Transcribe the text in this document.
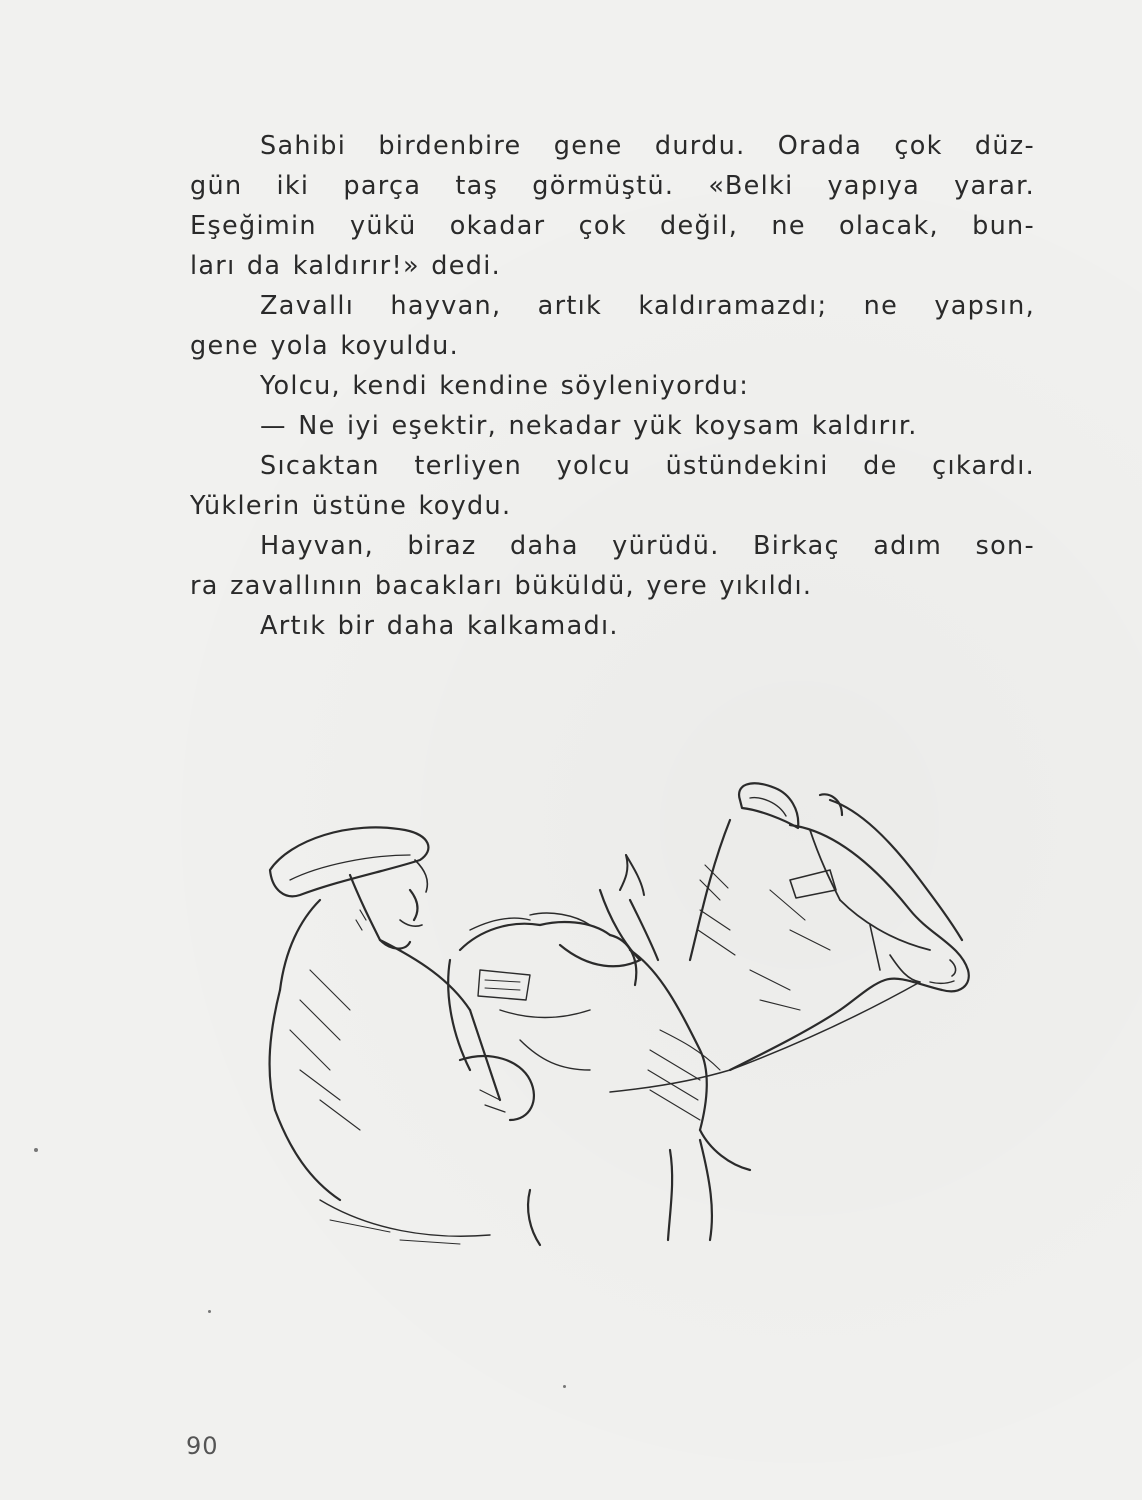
Sahibi birdenbire gene durdu. Orada çok düz-
gün iki parça taş görmüştü. «Belki yapıya yarar.
Eşeğimin yükü okadar çok değil, ne olacak, bun-
ları da kaldırır!» dedi.
Zavallı hayvan, artık kaldıramazdı; ne yapsın,
gene yola koyuldu.
Yolcu, kendi kendine söyleniyordu:
— Ne iyi eşektir, nekadar yük koysam kaldırır.
Sıcaktan terliyen yolcu üstündekini de çıkardı.
Yüklerin üstüne koydu.
Hayvan, biraz daha yürüdü. Birkaç adım son-
ra zavallının bacakları büküldü, yere yıkıldı.
Artık bir daha kalkamadı.
90
